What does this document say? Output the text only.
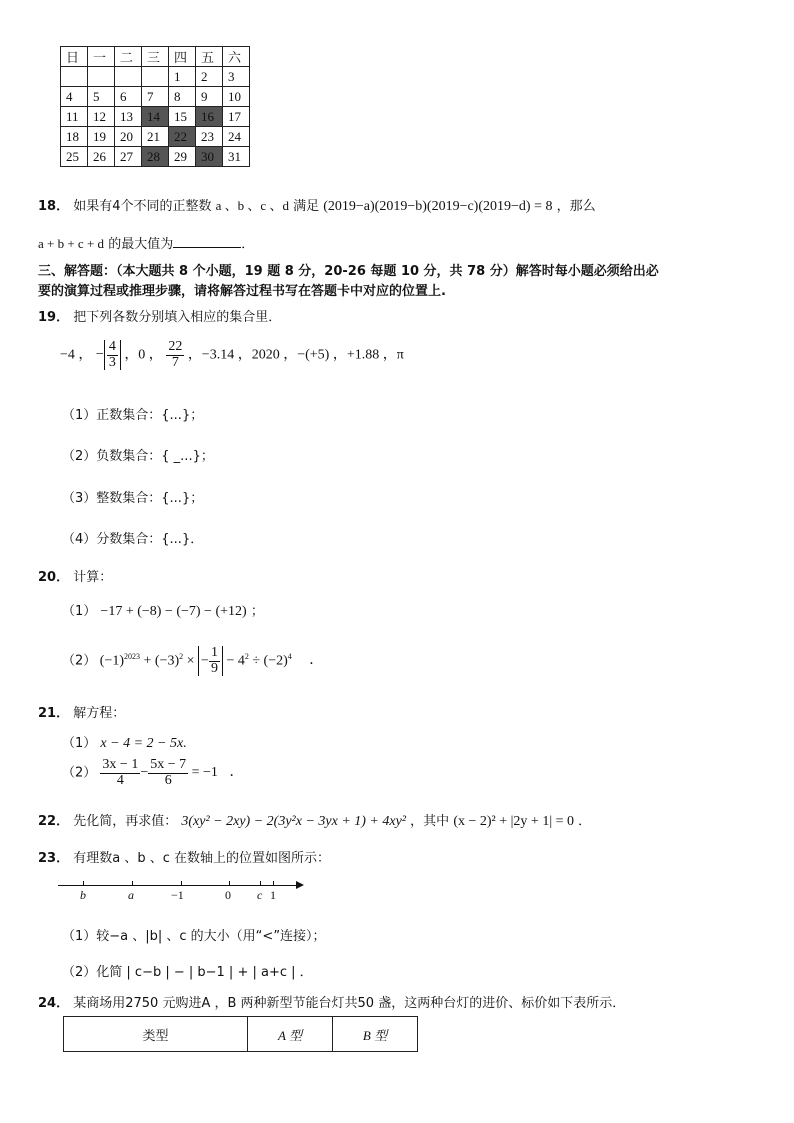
日	一	二	三	四	五	六
				1	2	3
4	5	6	7	8	9	10
11	12	13	14	15	16	17
18	19	20	21	22	23	24
25	26	27	28	29	30	31
18． 如果有4个不同的正整数 a 、b 、c 、d 满足 (2019−a)(2019−b)(2019−c)(2019−d) = 8 ，那么
a + b + c + d 的最大值为	．
三、解答题：（本大题共 8 个小题，19 题 8 分，20-26 每题 10 分，共 78 分）解答时每小题必须给出必
要的演算过程或推理步骤，请将解答过程书写在答题卡中对应的位置上.
19． 把下列各数分别填入相应的集合里．
−4 ， − $\frac{4}{3}$ ，0 ， $\frac{22}{7}$ ，−3.14 ，2020 ，−(+5) ，+1.88 ，π
（1）正数集合：{...}；
（2）负数集合：{ _...}；
（3）整数集合：{...}；
（4）分数集合：{...}．
20． 计算：
（1） −17 + (−8) − (−7) − (+12) ；
（2） $(-1)^{2023} + (-3)^2$ × − $\frac{1}{9} - 4^2 \div (-2)^4$ ．
21． 解方程：
（1） x − 4 = 2 − 5x.
$(2) \frac{3x - 1}{4} - \frac{5x - 7}{6} = -1$ ．
22． 先化简，再求值： 3(xy² − 2xy) − 2(3y²x − 3yx + 1) + 4xy² ，其中 (x − 2)² + |2y + 1| = 0 ．
23． 有理数a 、b 、c 在数轴上的位置如图所示：
b	a	−1	0 c 1
（1）较−a 、|b| 、c 的大小（用“<”连接）；
（2）化简 | c−b | − | b−1 | + | a+c | ．
24． 某商场用2750 元购进A ，B 两种新型节能台灯共50 盏，这两种台灯的进价、标价如下表所示．
类型	A 型	B 型
